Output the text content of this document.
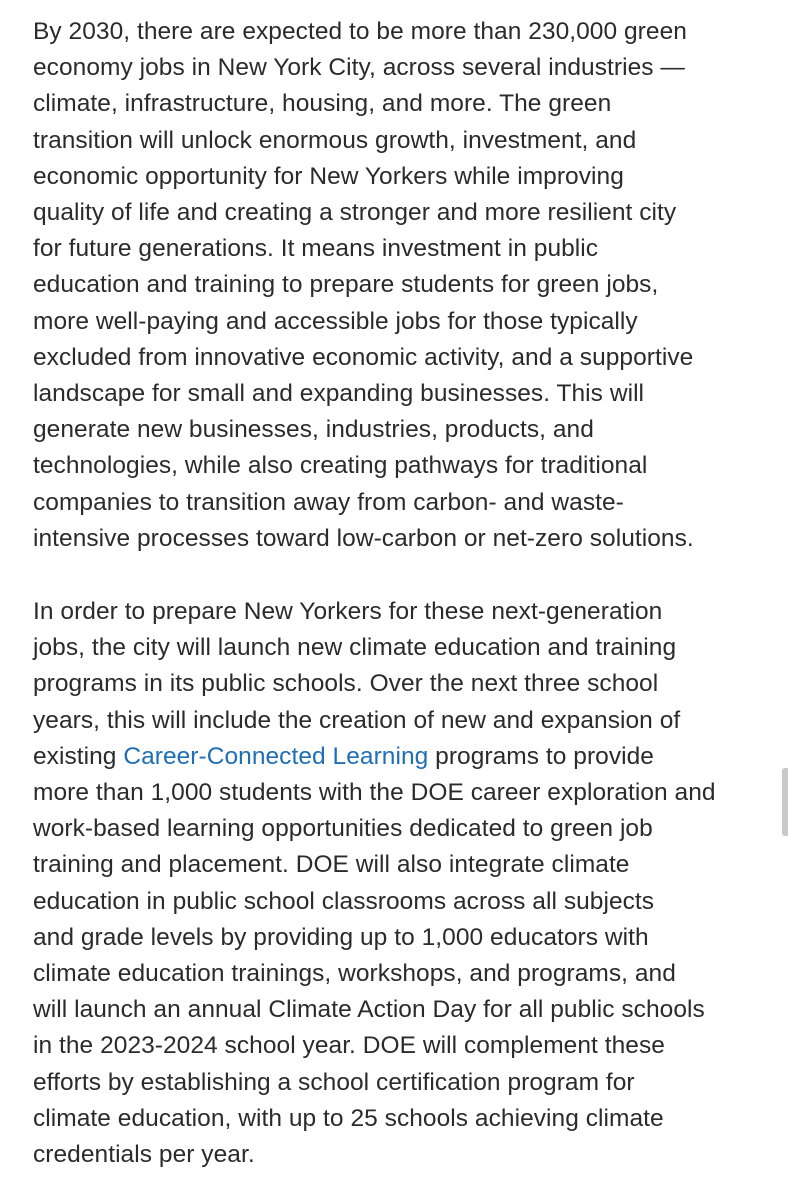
By 2030, there are expected to be more than 230,000 green
economy jobs in New York City, across several industries —
climate, infrastructure, housing, and more. The green
transition will unlock enormous growth, investment, and
economic opportunity for New Yorkers while improving
quality of life and creating a stronger and more resilient city
for future generations. It means investment in public
education and training to prepare students for green jobs,
more well-paying and accessible jobs for those typically
excluded from innovative economic activity, and a supportive
landscape for small and expanding businesses. This will
generate new businesses, industries, products, and
technologies, while also creating pathways for traditional
companies to transition away from carbon- and waste-
intensive processes toward low-carbon or net-zero solutions.

In order to prepare New Yorkers for these next-generation
jobs, the city will launch new climate education and training
programs in its public schools. Over the next three school
years, this will include the creation of new and expansion of
existing Career-Connected Learning programs to provide
more than 1,000 students with the DOE career exploration and
work-based learning opportunities dedicated to green job
training and placement. DOE will also integrate climate
education in public school classrooms across all subjects
and grade levels by providing up to 1,000 educators with
climate education trainings, workshops, and programs, and
will launch an annual Climate Action Day for all public schools
in the 2023-2024 school year. DOE will complement these
efforts by establishing a school certification program for
climate education, with up to 25 schools achieving climate
credentials per year.
